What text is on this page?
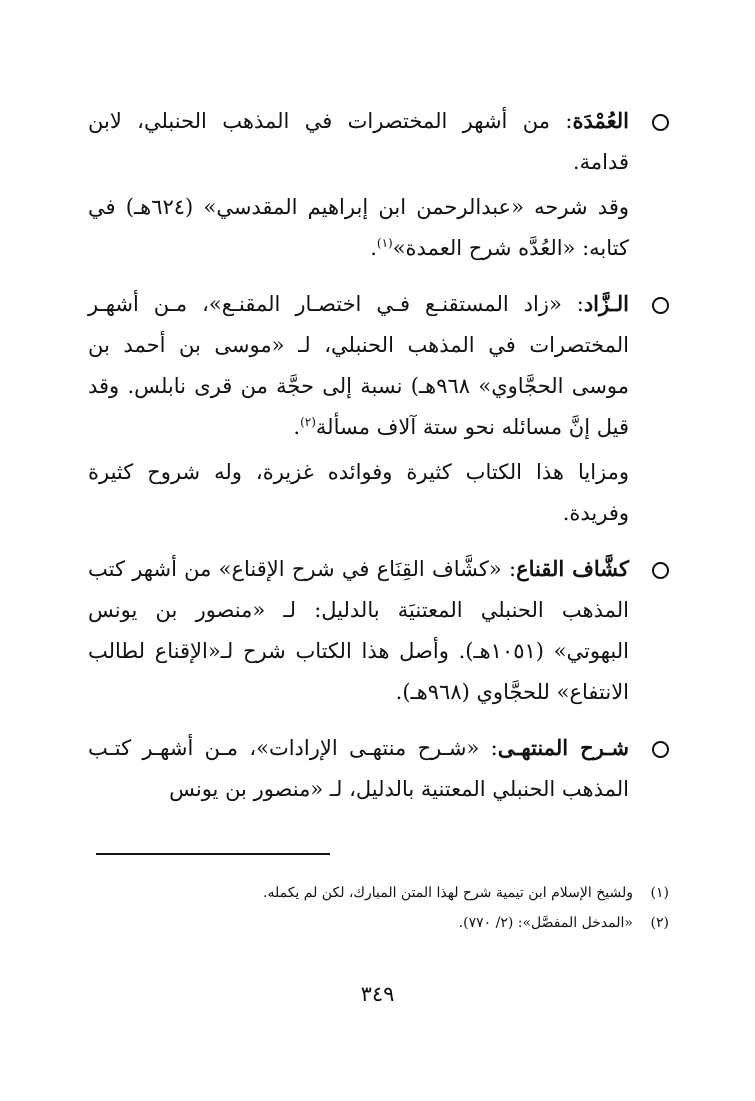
العُمْدَة: من أشهر المختصرات في المذهب الحنبلي، لابن قدامة.

وقد شرحه «عبدالرحمن ابن إبراهيم المقدسي» (٦٢٤هـ) في كتابه: «العُدَّه شرح العمدة»$^{(١)}$.

الـزَّاد: «زاد المستقنـع فـي اختصـار المقنـع»، مـن أشهـر المختصرات في المذهب الحنبلي، لـ «موسى بن أحمد بن موسى الحجَّاوي» ٩٦٨هـ) نسبة إلى حجَّة من قرى نابلس. وقد قيل إنَّ مسائله نحو ستة آلاف مسألة$^{(٢)}$.

ومزايا هذا الكتاب كثيرة وفوائده غزيرة، وله شروح كثيرة وفريدة.

كشَّاف القناع: «كشَّاف القِنَاع في شرح الإقناع» من أشهر كتب المذهب الحنبلي المعتنيَة بالدليل: لـ «منصور بن يونس البهوتي» (١٠٥١هـ). وأصل هذا الكتاب شرح لـ«الإقناع لطالب الانتفاع» للحجَّاوي (٩٦٨هـ).

شـرح المنتهـى: «شـرح منتهـى الإرادات»، مـن أشهـر كتـب المذهب الحنبلي المعتنية بالدليل، لـ «منصور بن يونس

(١)
ولشيخ الإسلام ابن تيمية شرح لهذا المتن المبارك، لكن لم يكمله.
(٢)
«المدخل المفصَّل»: (٢/ ٧٧٠).
٣٤٩
